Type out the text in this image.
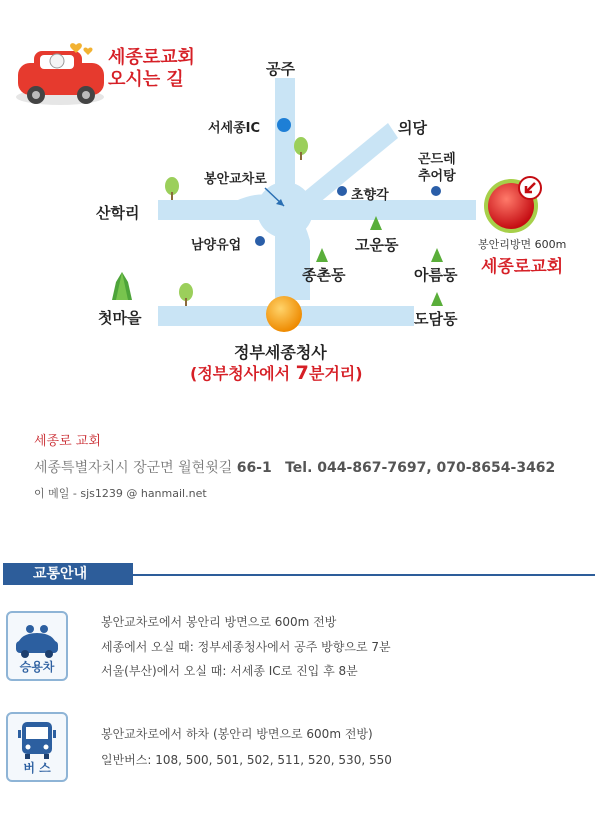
세종로교회
오시는 길	공주
서세종IC	의당
봉안교차로
곤드레
추어탕
산학리
초향각
남양유업	고운동
종촌동	아름동
첫마을	도담동
봉안리방면 600m
세종로교회
정부세종청사
(정부청사에서 7분거리)
세종로 교회
세종특별자치시 장군면 월현윗길 66-1 Tel. 044-867-7697, 070-8654-3462
이 메일 - sjs1239 @ hanmail.net
교통안내
승용차
봉안교차로에서 봉안리 방면으로 600m 전방
세종에서 오실 때: 정부세종청사에서 공주 방향으로 7분
서울(부산)에서 오실 때: 서세종 IC로 진입 후 8분
버 스
봉안교차로에서 하차 (봉안리 방면으로 600m 전방)
일반버스: 108, 500, 501, 502, 511, 520, 530, 550
